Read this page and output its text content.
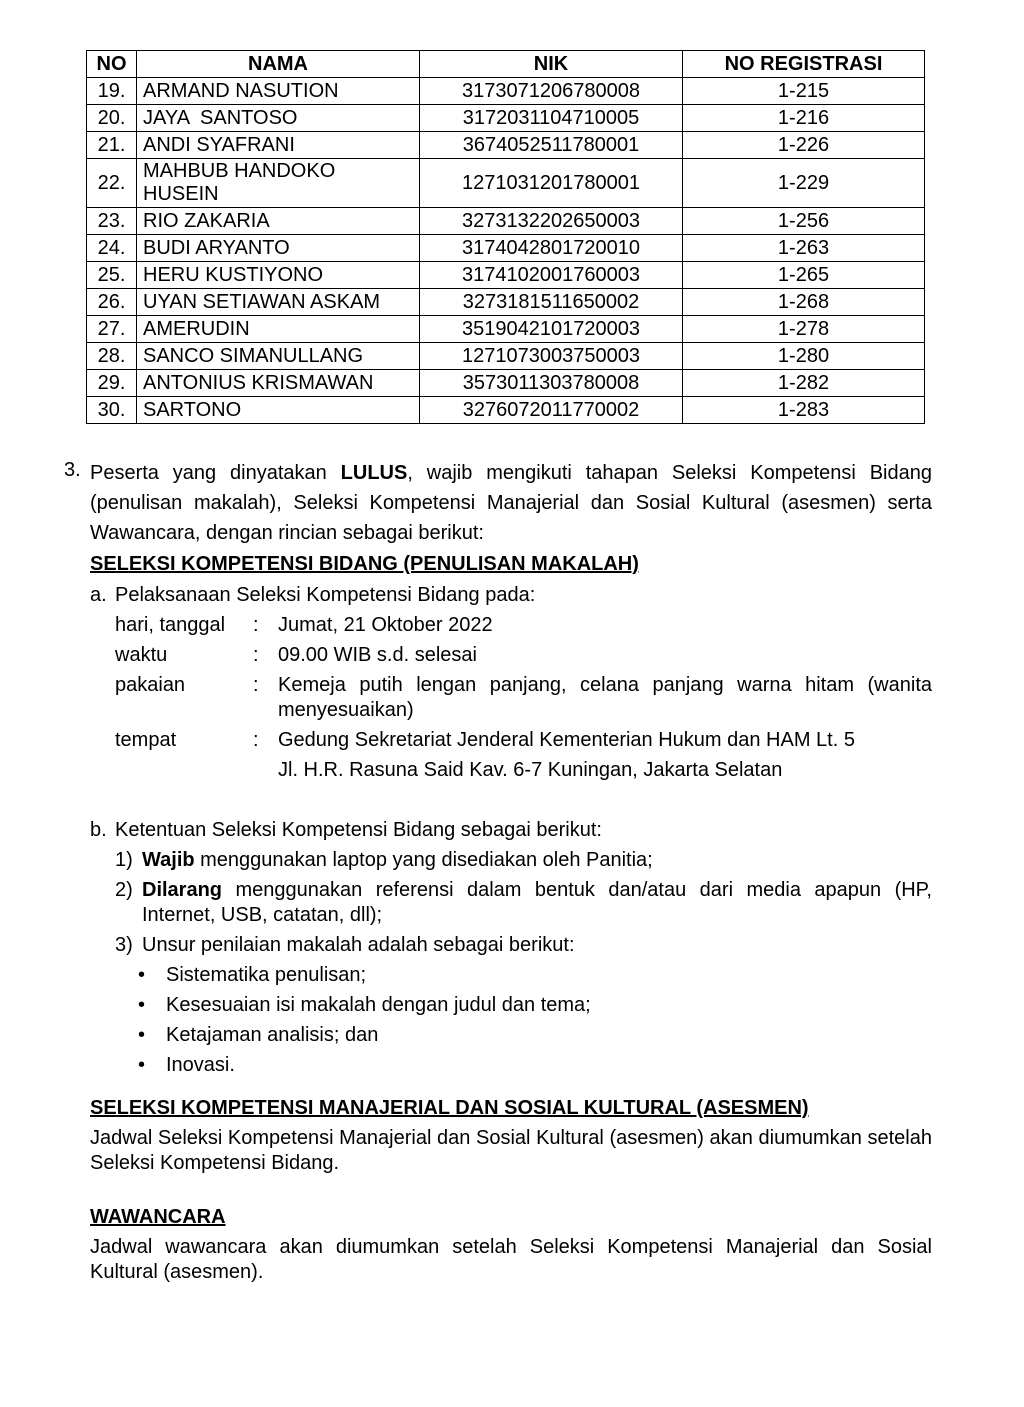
NO	NAMA	NIK	NO REGISTRASI
19.	ARMAND NASUTION	3173071206780008	1-215
20.	JAYA  SANTOSO	3172031104710005	1-216
21.	ANDI SYAFRANI	3674052511780001	1-226
22.	MAHBUB HANDOKO HUSEIN	1271031201780001	1-229
23.	RIO ZAKARIA	3273132202650003	1-256
24.	BUDI ARYANTO	3174042801720010	1-263
25.	HERU KUSTIYONO	3174102001760003	1-265
26.	UYAN SETIAWAN ASKAM	3273181511650002	1-268
27.	AMERUDIN	3519042101720003	1-278
28.	SANCO SIMANULLANG	1271073003750003	1-280
29.	ANTONIUS KRISMAWAN	3573011303780008	1-282
30.	SARTONO	3276072011770002	1-283
3. Peserta yang dinyatakan LULUS, wajib mengikuti tahapan Seleksi Kompetensi Bidang (penulisan makalah), Seleksi Kompetensi Manajerial dan Sosial Kultural (asesmen) serta Wawancara, dengan rincian sebagai berikut:
SELEKSI KOMPETENSI BIDANG (PENULISAN MAKALAH)
a. Pelaksanaan Seleksi Kompetensi Bidang pada:
hari, tanggal : Jumat, 21 Oktober 2022
waktu	: 09.00 WIB s.d. selesai
pakaian	: Kemeja putih lengan panjang, celana panjang warna hitam (wanita menyesuaikan)
tempat	: Gedung Sekretariat Jenderal Kementerian Hukum dan HAM Lt. 5
Jl. H.R. Rasuna Said Kav. 6-7 Kuningan, Jakarta Selatan
b. Ketentuan Seleksi Kompetensi Bidang sebagai berikut:
1) Wajib menggunakan laptop yang disediakan oleh Panitia;
2) Dilarang menggunakan referensi dalam bentuk dan/atau dari media apapun (HP, Internet, USB, catatan, dll);
3) Unsur penilaian makalah adalah sebagai berikut:
• Sistematika penulisan;
• Kesesuaian isi makalah dengan judul dan tema;
• Ketajaman analisis; dan
• Inovasi.
SELEKSI KOMPETENSI MANAJERIAL DAN SOSIAL KULTURAL (ASESMEN)
Jadwal Seleksi Kompetensi Manajerial dan Sosial Kultural (asesmen) akan diumumkan setelah Seleksi Kompetensi Bidang.
WAWANCARA
Jadwal wawancara akan diumumkan setelah Seleksi Kompetensi Manajerial dan Sosial Kultural (asesmen).
